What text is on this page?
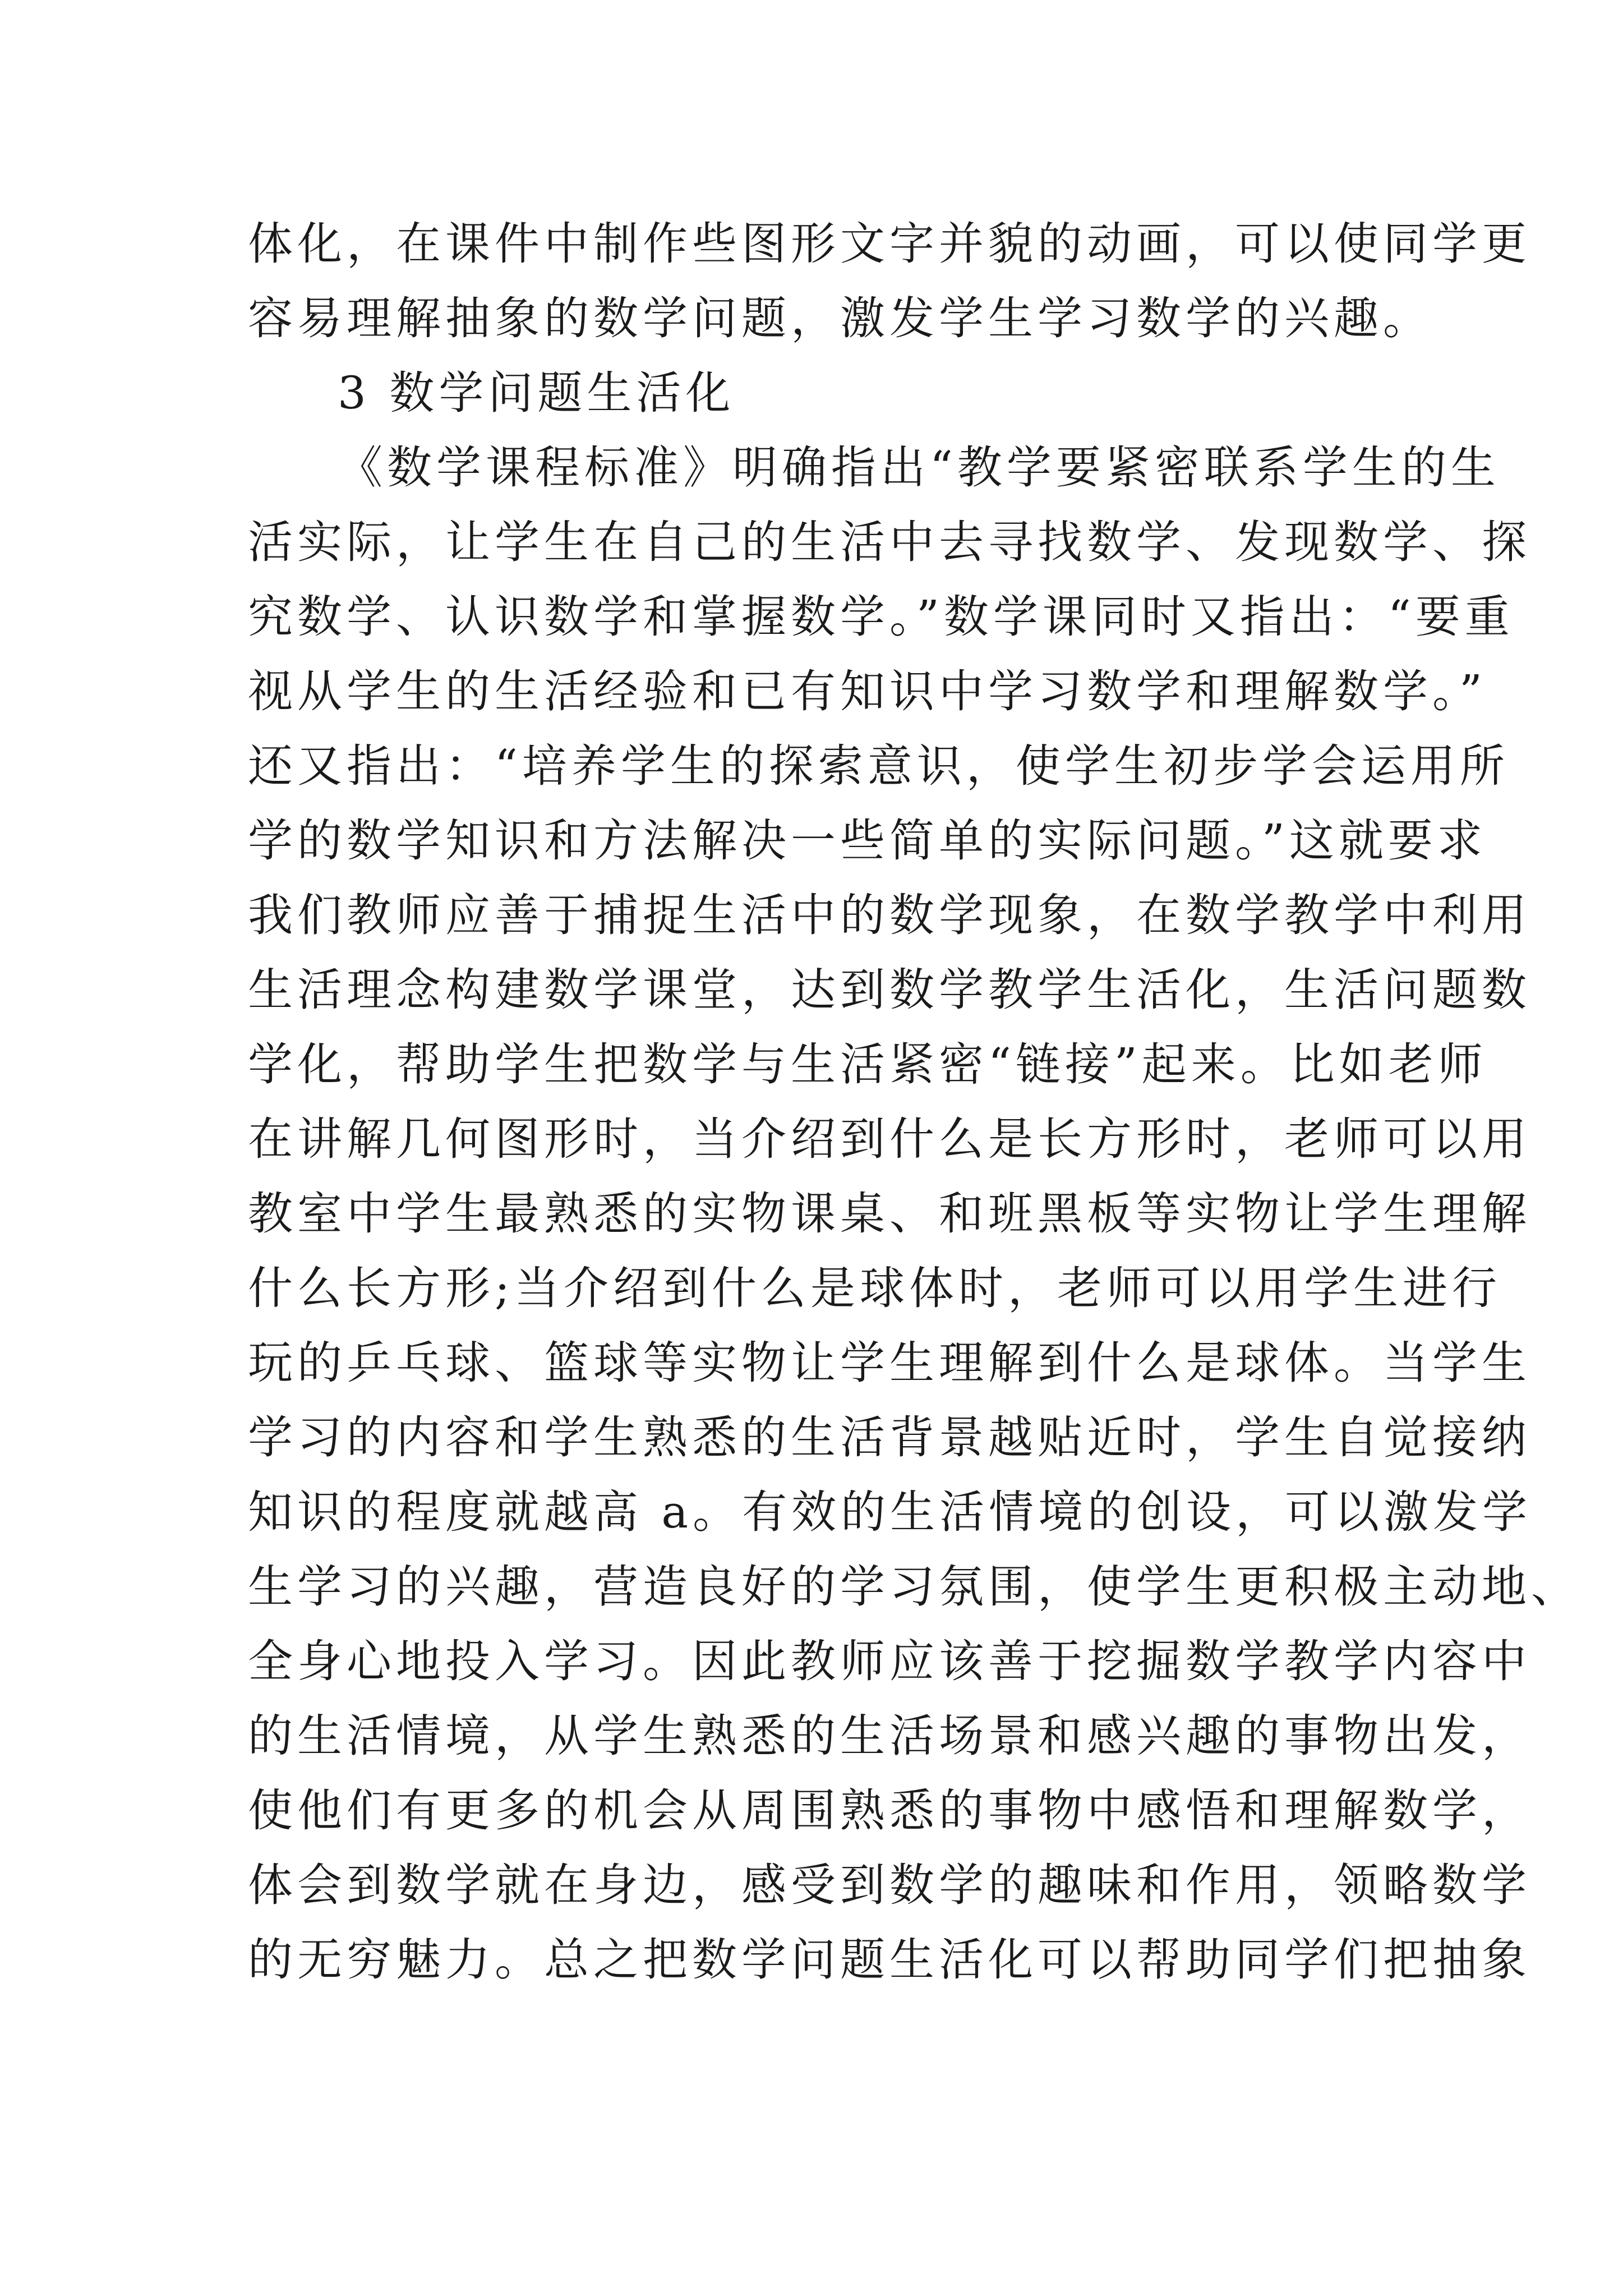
体化，在课件中制作些图形文字并貌的动画，可以使同学更
容易理解抽象的数学问题，激发学生学习数学的兴趣。
3 数学问题生活化
《数学课程标准》明确指出“教学要紧密联系学生的生
活实际，让学生在自己的生活中去寻找数学、发现数学、探
究数学、认识数学和掌握数学。”数学课同时又指出：“要重
视从学生的生活经验和已有知识中学习数学和理解数学。”
还又指出：“培养学生的探索意识，使学生初步学会运用所
学的数学知识和方法解决一些简单的实际问题。”这就要求
我们教师应善于捕捉生活中的数学现象，在数学教学中利用
生活理念构建数学课堂，达到数学教学生活化，生活问题数
学化，帮助学生把数学与生活紧密“链接”起来。比如老师
在讲解几何图形时，当介绍到什么是长方形时，老师可以用
教室中学生最熟悉的实物课桌、和班黑板等实物让学生理解
什么长方形;当介绍到什么是球体时，老师可以用学生进行
玩的乒乓球、篮球等实物让学生理解到什么是球体。当学生
学习的内容和学生熟悉的生活背景越贴近时，学生自觉接纳
知识的程度就越高 a。有效的生活情境的创设，可以激发学
生学习的兴趣，营造良好的学习氛围，使学生更积极主动地、
全身心地投入学习。因此教师应该善于挖掘数学教学内容中
的生活情境，从学生熟悉的生活场景和感兴趣的事物出发，
使他们有更多的机会从周围熟悉的事物中感悟和理解数学，
体会到数学就在身边，感受到数学的趣味和作用，领略数学
的无穷魅力。总之把数学问题生活化可以帮助同学们把抽象
